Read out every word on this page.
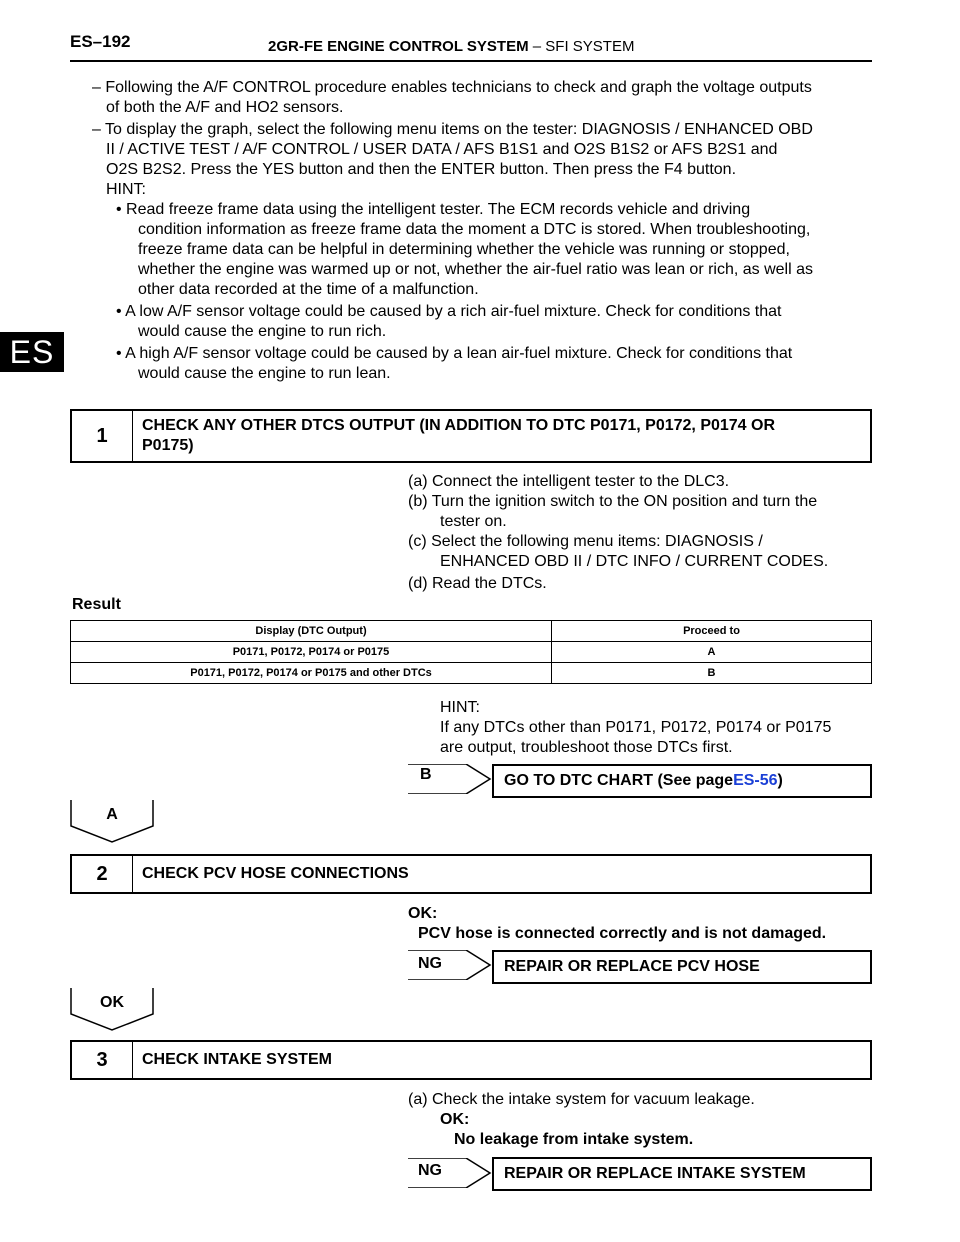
ES–192	2GR-FE ENGINE CONTROL SYSTEM – SFI SYSTEM
ES
– Following the A/F CONTROL procedure enables technicians to check and graph the voltage outputs
of both the A/F and HO2 sensors.
– To display the graph, select the following menu items on the tester: DIAGNOSIS / ENHANCED OBD
II / ACTIVE TEST / A/F CONTROL / USER DATA / AFS B1S1 and O2S B1S2 or AFS B2S1 and
O2S B2S2. Press the YES button and then the ENTER button. Then press the F4 button.
HINT:
• Read freeze frame data using the intelligent tester. The ECM records vehicle and driving
condition information as freeze frame data the moment a DTC is stored. When troubleshooting,
freeze frame data can be helpful in determining whether the vehicle was running or stopped,
whether the engine was warmed up or not, whether the air-fuel ratio was lean or rich, as well as
other data recorded at the time of a malfunction.
• A low A/F sensor voltage could be caused by a rich air-fuel mixture. Check for conditions that
would cause the engine to run rich.
• A high A/F sensor voltage could be caused by a lean air-fuel mixture. Check for conditions that
would cause the engine to run lean.
1	CHECK ANY OTHER DTCS OUTPUT (IN ADDITION TO DTC P0171, P0172, P0174 OR
P0175)
(a) Connect the intelligent tester to the DLC3.
(b) Turn the ignition switch to the ON position and turn the
tester on.
(c) Select the following menu items: DIAGNOSIS /
ENHANCED OBD II / DTC INFO / CURRENT CODES.
(d) Read the DTCs.
Result
Display (DTC Output)	Proceed to
P0171, P0172, P0174 or P0175	A
P0171, P0172, P0174 or P0175 and other DTCs	B
HINT:
If any DTCs other than P0171, P0172, P0174 or P0175
are output, troubleshoot those DTCs first.
B	GO TO DTC CHART (See page ES-56 )
A
2	CHECK PCV HOSE CONNECTIONS
OK:
PCV hose is connected correctly and is not damaged.
NG	REPAIR OR REPLACE PCV HOSE
OK
3	CHECK INTAKE SYSTEM
(a) Check the intake system for vacuum leakage.
OK:
No leakage from intake system.
NG	REPAIR OR REPLACE INTAKE SYSTEM
